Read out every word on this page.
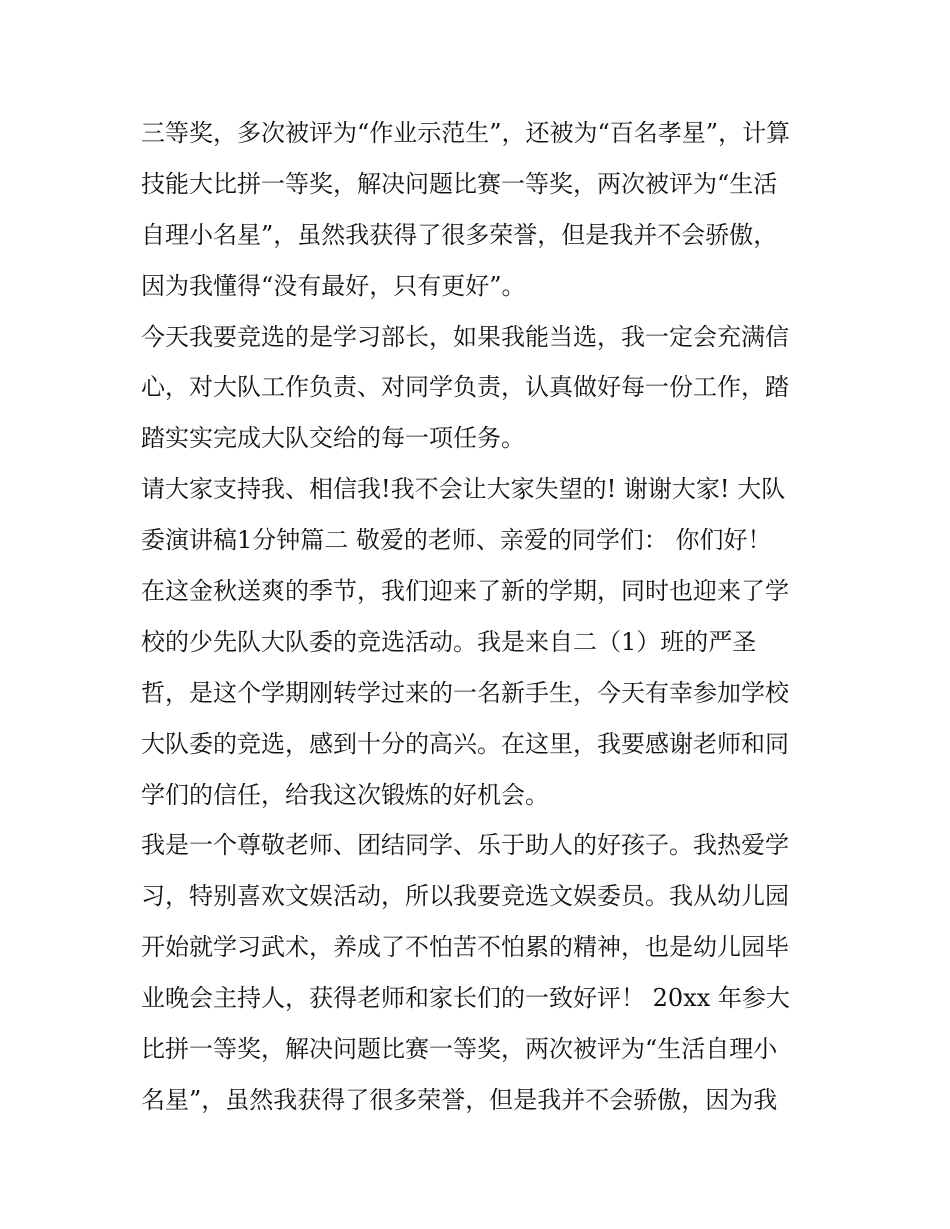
三等奖，多次被评为“作业示范生”，还被为“百名孝星”，计算
技能大比拼一等奖，解决问题比赛一等奖，两次被评为“生活
自理小名星”，虽然我获得了很多荣誉，但是我并不会骄傲，
因为我懂得“没有最好，只有更好”。
今天我要竞选的是学习部长，如果我能当选，我一定会充满信
心，对大队工作负责、对同学负责，认真做好每一份工作，踏
踏实实完成大队交给的每一项任务。
请大家支持我、相信我!我不会让大家失望的! 谢谢大家! 大队
委演讲稿1分钟篇二 敬爱的老师、亲爱的同学们： 你们好！
在这金秋送爽的季节，我们迎来了新的学期，同时也迎来了学
校的少先队大队委的竞选活动。我是来自二（1）班的严圣
哲，是这个学期刚转学过来的一名新手生，今天有幸参加学校
大队委的竞选，感到十分的高兴。在这里，我要感谢老师和同
学们的信任，给我这次锻炼的好机会。
我是一个尊敬老师、团结同学、乐于助人的好孩子。我热爱学
习，特别喜欢文娱活动，所以我要竞选文娱委员。我从幼儿园
开始就学习武术，养成了不怕苦不怕累的精神，也是幼儿园毕
业晚会主持人，获得老师和家长们的一致好评！ 20xx 年参大
比拼一等奖，解决问题比赛一等奖，两次被评为“生活自理小
名星”，虽然我获得了很多荣誉，但是我并不会骄傲，因为我
